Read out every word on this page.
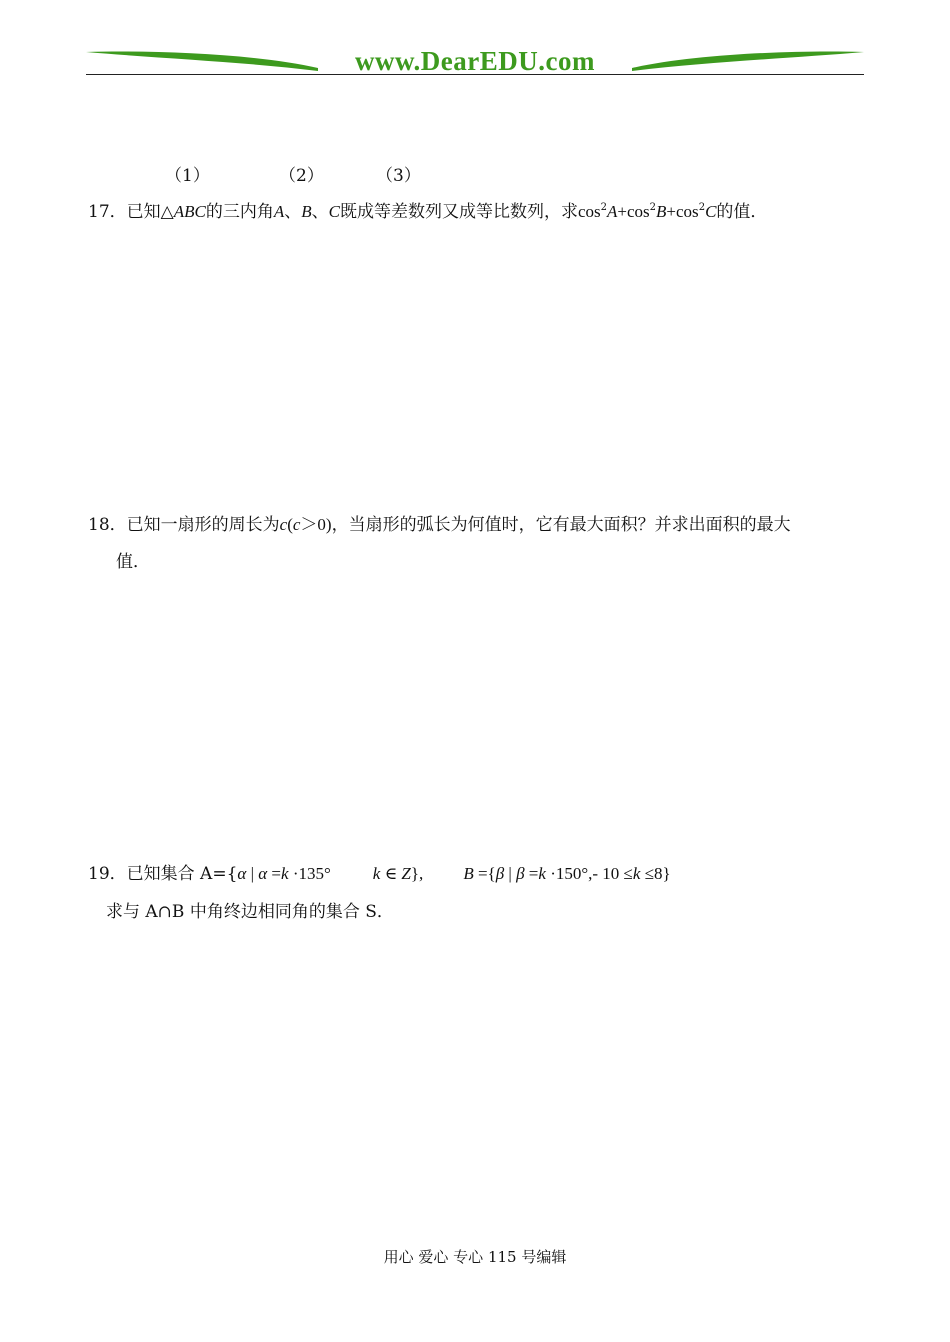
www.DearEDU.com
（1）	（2）	（3）
17．已知△ABC的三内角A、B、C既成等差数列又成等比数列，求$\cos^2A+\cos^2B+\cos^2C$的值．
18．已知一扇形的周长为c(c＞0)，当扇形的弧长为何值时，它有最大面积？并求出面积的最大
值．
19．已知集合 A={α | α =k ·135° k ∈ Z}, B ={β | β =k ·150°,- 10 ≤k ≤8}
求与 A∩B 中角终边相同角的集合 S．
用心 爱心 专心 115 号编辑
